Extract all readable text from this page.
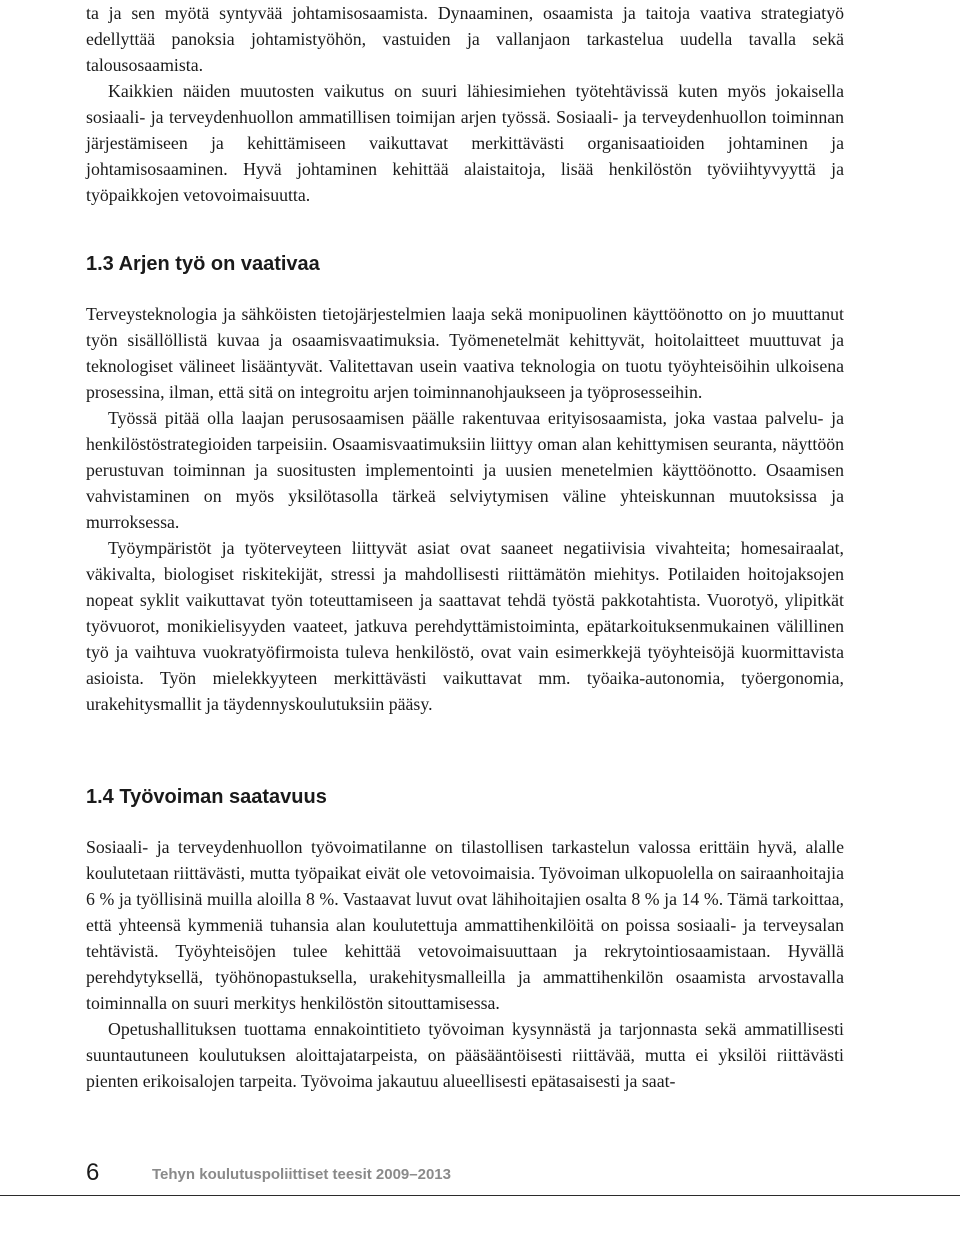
ta ja sen myötä syntyvää johtamisosaamista. Dynaaminen, osaamista ja taitoja vaativa strategiatyö edellyttää panoksia johtamistyöhön, vastuiden ja vallanjaon tarkastelua uudella tavalla sekä talousosaamista.

Kaikkien näiden muutosten vaikutus on suuri lähiesimiehen työtehtävissä kuten myös jokaisella sosiaali- ja terveydenhuollon ammatillisen toimijan arjen työssä. Sosiaali- ja terveydenhuollon toiminnan järjestämiseen ja kehittämiseen vaikuttavat merkittävästi organisaatioiden johtaminen ja johtamisosaaminen. Hyvä johtaminen kehittää alaistaitoja, lisää henkilöstön työviihtyvyyttä ja työpaikkojen vetovoimaisuutta.

1.3 Arjen työ on vaativaa

Terveysteknologia ja sähköisten tietojärjestelmien laaja sekä monipuolinen käyttöönotto on jo muuttanut työn sisällöllistä kuvaa ja osaamisvaatimuksia. Työmenetelmät kehittyvät, hoitolaitteet muuttuvat ja teknologiset välineet lisääntyvät. Valitettavan usein vaativa teknologia on tuotu työyhteisöihin ulkoisena prosessina, ilman, että sitä on integroitu arjen toiminnanohjaukseen ja työprosesseihin.

Työssä pitää olla laajan perusosaamisen päälle rakentuvaa erityisosaamista, joka vastaa palvelu- ja henkilöstöstrategioiden tarpeisiin. Osaamisvaatimuksiin liittyy oman alan kehittymisen seuranta, näyttöön perustuvan toiminnan ja suositusten implementointi ja uusien menetelmien käyttöönotto. Osaamisen vahvistaminen on myös yksilötasolla tärkeä selviytymisen väline yhteiskunnan muutoksissa ja murroksessa.

Työympäristöt ja työterveyteen liittyvät asiat ovat saaneet negatiivisia vivahteita; homesairaalat, väkivalta, biologiset riskitekijät, stressi ja mahdollisesti riittämätön miehitys. Potilaiden hoitojaksojen nopeat syklit vaikuttavat työn toteuttamiseen ja saattavat tehdä työstä pakkotahtista. Vuorotyö, ylipitkät työvuorot, monikielisyyden vaateet, jatkuva perehdyttämistoiminta, epätarkoituksenmukainen välillinen työ ja vaihtuva vuokratyöfirmoista tuleva henkilöstö, ovat vain esimerkkejä työyhteisöjä kuormittavista asioista. Työn mielekkyyteen merkittävästi vaikuttavat mm. työaika-autonomia, työergonomia, urakehitysmallit ja täydennyskoulutuksiin pääsy.

1.4 Työvoiman saatavuus

Sosiaali- ja terveydenhuollon työvoimatilanne on tilastollisen tarkastelun valossa erittäin hyvä, alalle koulutetaan riittävästi, mutta työpaikat eivät ole vetovoimaisia. Työvoiman ulkopuolella on sairaanhoitajia 6 % ja työllisinä muilla aloilla 8 %. Vastaavat luvut ovat lähihoitajien osalta 8 % ja 14 %. Tämä tarkoittaa, että yhteensä kymmeniä tuhansia alan koulutettuja ammattihenkilöitä on poissa sosiaali- ja terveysalan tehtävistä. Työyhteisöjen tulee kehittää vetovoimaisuuttaan ja rekrytointiosaamistaan. Hyvällä perehdytyksellä, työhönopastuksella, urakehitysmalleilla ja ammattihenkilön osaamista arvostavalla toiminnalla on suuri merkitys henkilöstön sitouttamisessa.

Opetushallituksen tuottama ennakointitieto työvoiman kysynnästä ja tarjonnasta sekä ammatillisesti suuntautuneen koulutuksen aloittajatarpeista, on pääsääntöisesti riittävää, mutta ei yksilöi riittävästi pienten erikoisalojen tarpeita. Työvoima jakautuu alueellisesti epätasaisesti ja saat-

6	Tehyn koulutuspoliittiset teesit 2009–2013
